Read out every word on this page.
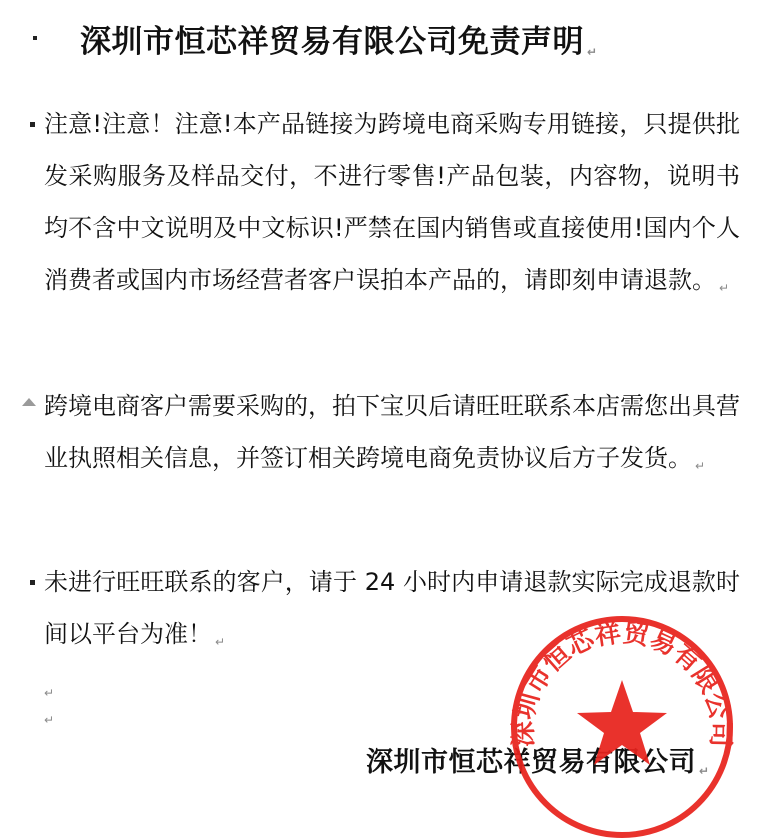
深圳市恒芯祥贸易有限公司免责声明 ↵
注意!注意！注意!本产品链接为跨境电商采购专用链接，只提供批发采购服务及样品交付，不进行零售!产品包装，内容物，说明书均不含中文说明及中文标识!严禁在国内销售或直接使用!国内个人消费者或国内市场经营者客户误拍本产品的，请即刻申请退款。 ↵
跨境电商客户需要采购的，拍下宝贝后请旺旺联系本店需您出具营业执照相关信息，并签订相关跨境电商免责协议后方子发货。 ↵
未进行旺旺联系的客户，请于 24 小时内申请退款实际完成退款时间以平台为准！ ↵
↵
↵
深圳市恒芯祥贸易有限公司 ↵
深圳市恒芯祥贸易有限公司
